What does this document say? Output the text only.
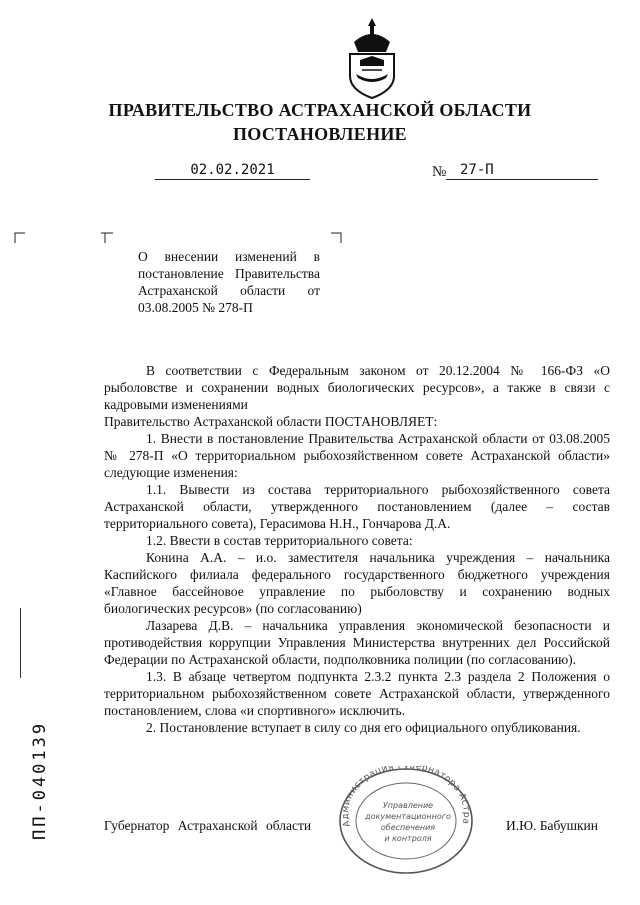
ПРАВИТЕЛЬСТВО АСТРАХАНСКОЙ ОБЛАСТИ
ПОСТАНОВЛЕНИЕ
02.02.2021	№ 27-П
О внесении изменений в постановление Правительства Астраханской области от 03.08.2005 № 278-П

В соответствии с Федеральным законом от 20.12.2004 № 166-ФЗ «О рыболовстве и сохранении водных биологических ресурсов», а также в связи с кадровыми изменениями

Правительство Астраханской области ПОСТАНОВЛЯЕТ:

1. Внести в постановление Правительства Астраханской области от 03.08.2005 № 278-П «О территориальном рыбохозяйственном совете Астраханской области» следующие изменения:

1.1. Вывести из состава территориального рыбохозяйственного совета Астраханской области, утвержденного постановлением (далее – состав территориального совета), Герасимова Н.Н., Гончарова Д.А.

1.2. Ввести в состав территориального совета:

Конина А.А. – и.о. заместителя начальника учреждения – начальника Каспийского филиала федерального государственного бюджетного учреждения «Главное бассейновое управление по рыболовству и сохранению водных биологических ресурсов» (по согласованию)

Лазарева Д.В. – начальника управления экономической безопасности и противодействия коррупции Управления Министерства внутренних дел Российской Федерации по Астраханской области, подполковника полиции (по согласованию).

1.3. В абзаце четвертом подпункта 2.3.2 пункта 2.3 раздела 2 Положения о территориальном рыбохозяйственном совете Астраханской области, утвержденного постановлением, слова «и спортивного» исключить.

2. Постановление вступает в силу со дня его официального опубликования.

Губернатор Астраханской области	И.Ю. Бабушкин
Администрация Губернатора Астра
Управление
документационного
обеспечения
и контроля
ПП-040139
